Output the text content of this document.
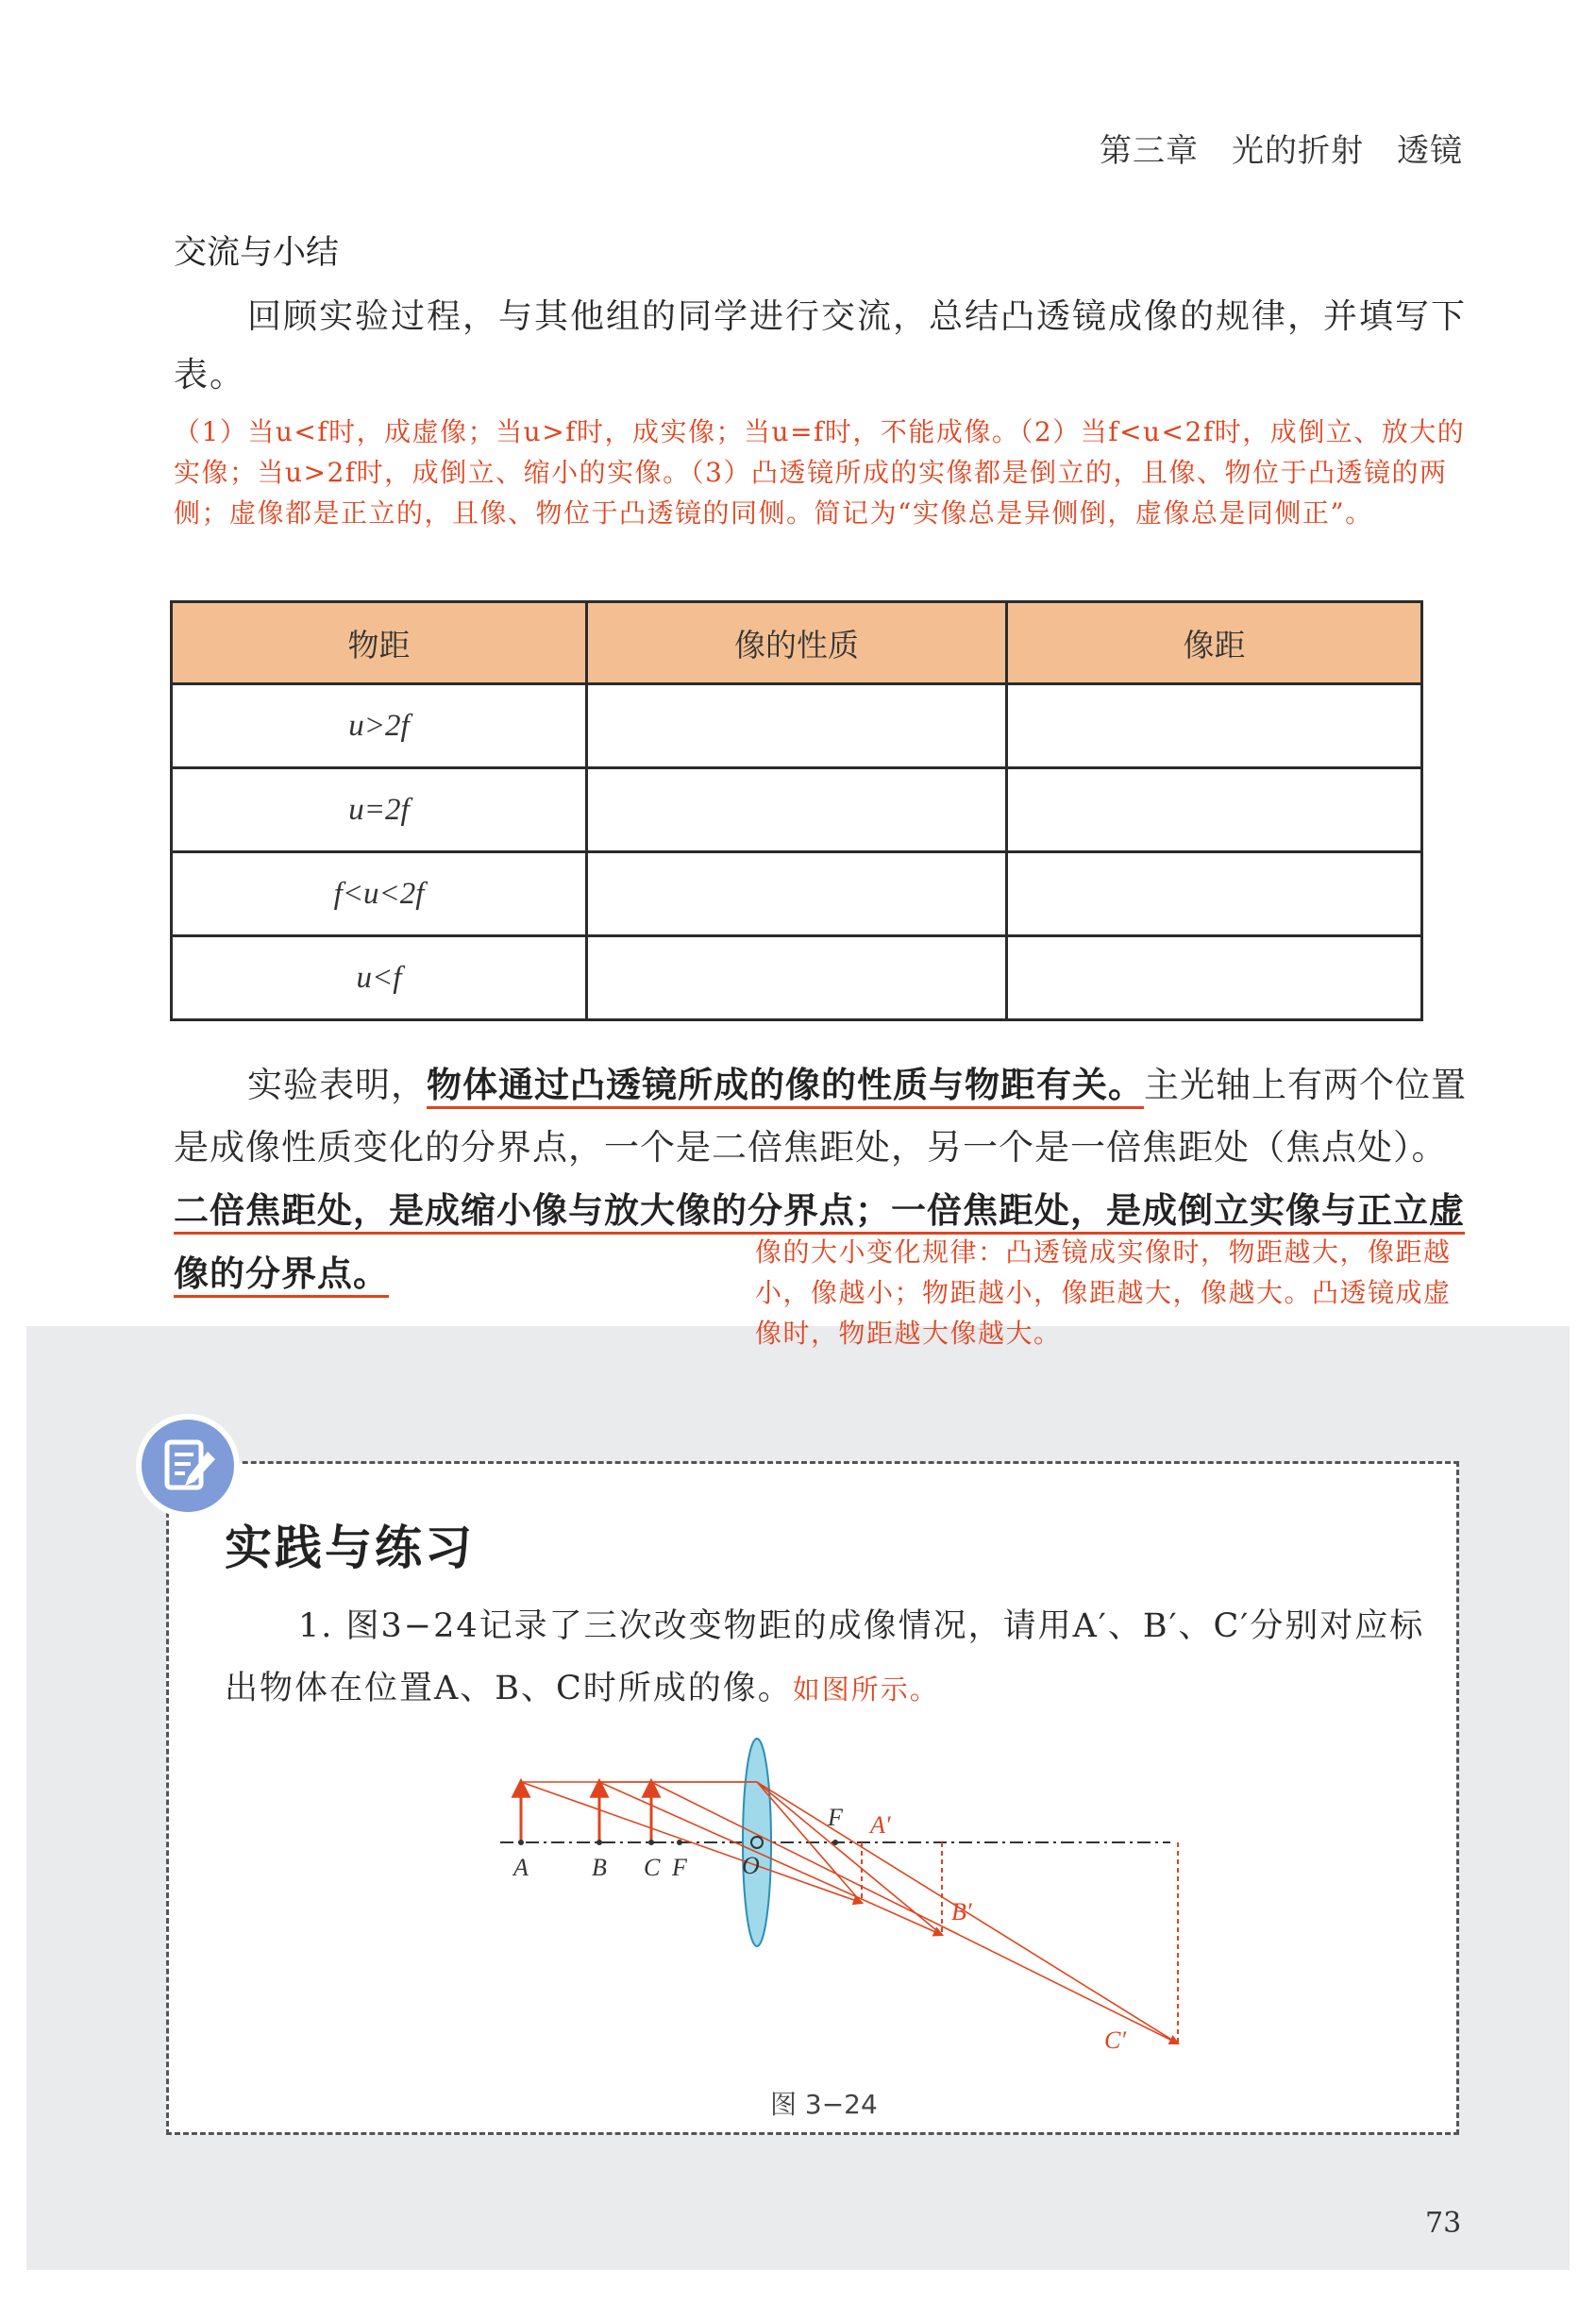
第三章　光的折射　透镜
交流与小结
回顾实验过程，与其他组的同学进行交流，总结凸透镜成像的规律，并填写下表。
（1）当u<f时，成虚像；当u>f时，成实像；当u=f时，不能成像。（2）当f<u<2f时，成倒立、放大的实像；当u>2f时，成倒立、缩小的实像。（3）凸透镜所成的实像都是倒立的，且像、物位于凸透镜的两侧；虚像都是正立的，且像、物位于凸透镜的同侧。简记为“实像总是异侧倒，虚像总是同侧正”。
物距	像的性质	像距
u>2f		
u=2f		
f<u<2f		
u<f		
实验表明，物体通过凸透镜所成的像的性质与物距有关。主光轴上有两个位置是成像性质变化的分界点，一个是二倍焦距处，另一个是一倍焦距处（焦点处）。二倍焦距处，是成缩小像与放大像的分界点；一倍焦距处，是成倒立实像与正立虚像的分界点。
像的大小变化规律：凸透镜成实像时，物距越大，像距越小，像越小；物距越小，像距越大，像越大。凸透镜成虚像时，物距越大像越大。
实践与练习
1. 图3−24记录了三次改变物距的成像情况，请用A′、B′、C′分别对应标出物体在位置A、B、C时所成的像。如图所示。
A	B C F O
F A′
B′
C′
图 3−24
73
